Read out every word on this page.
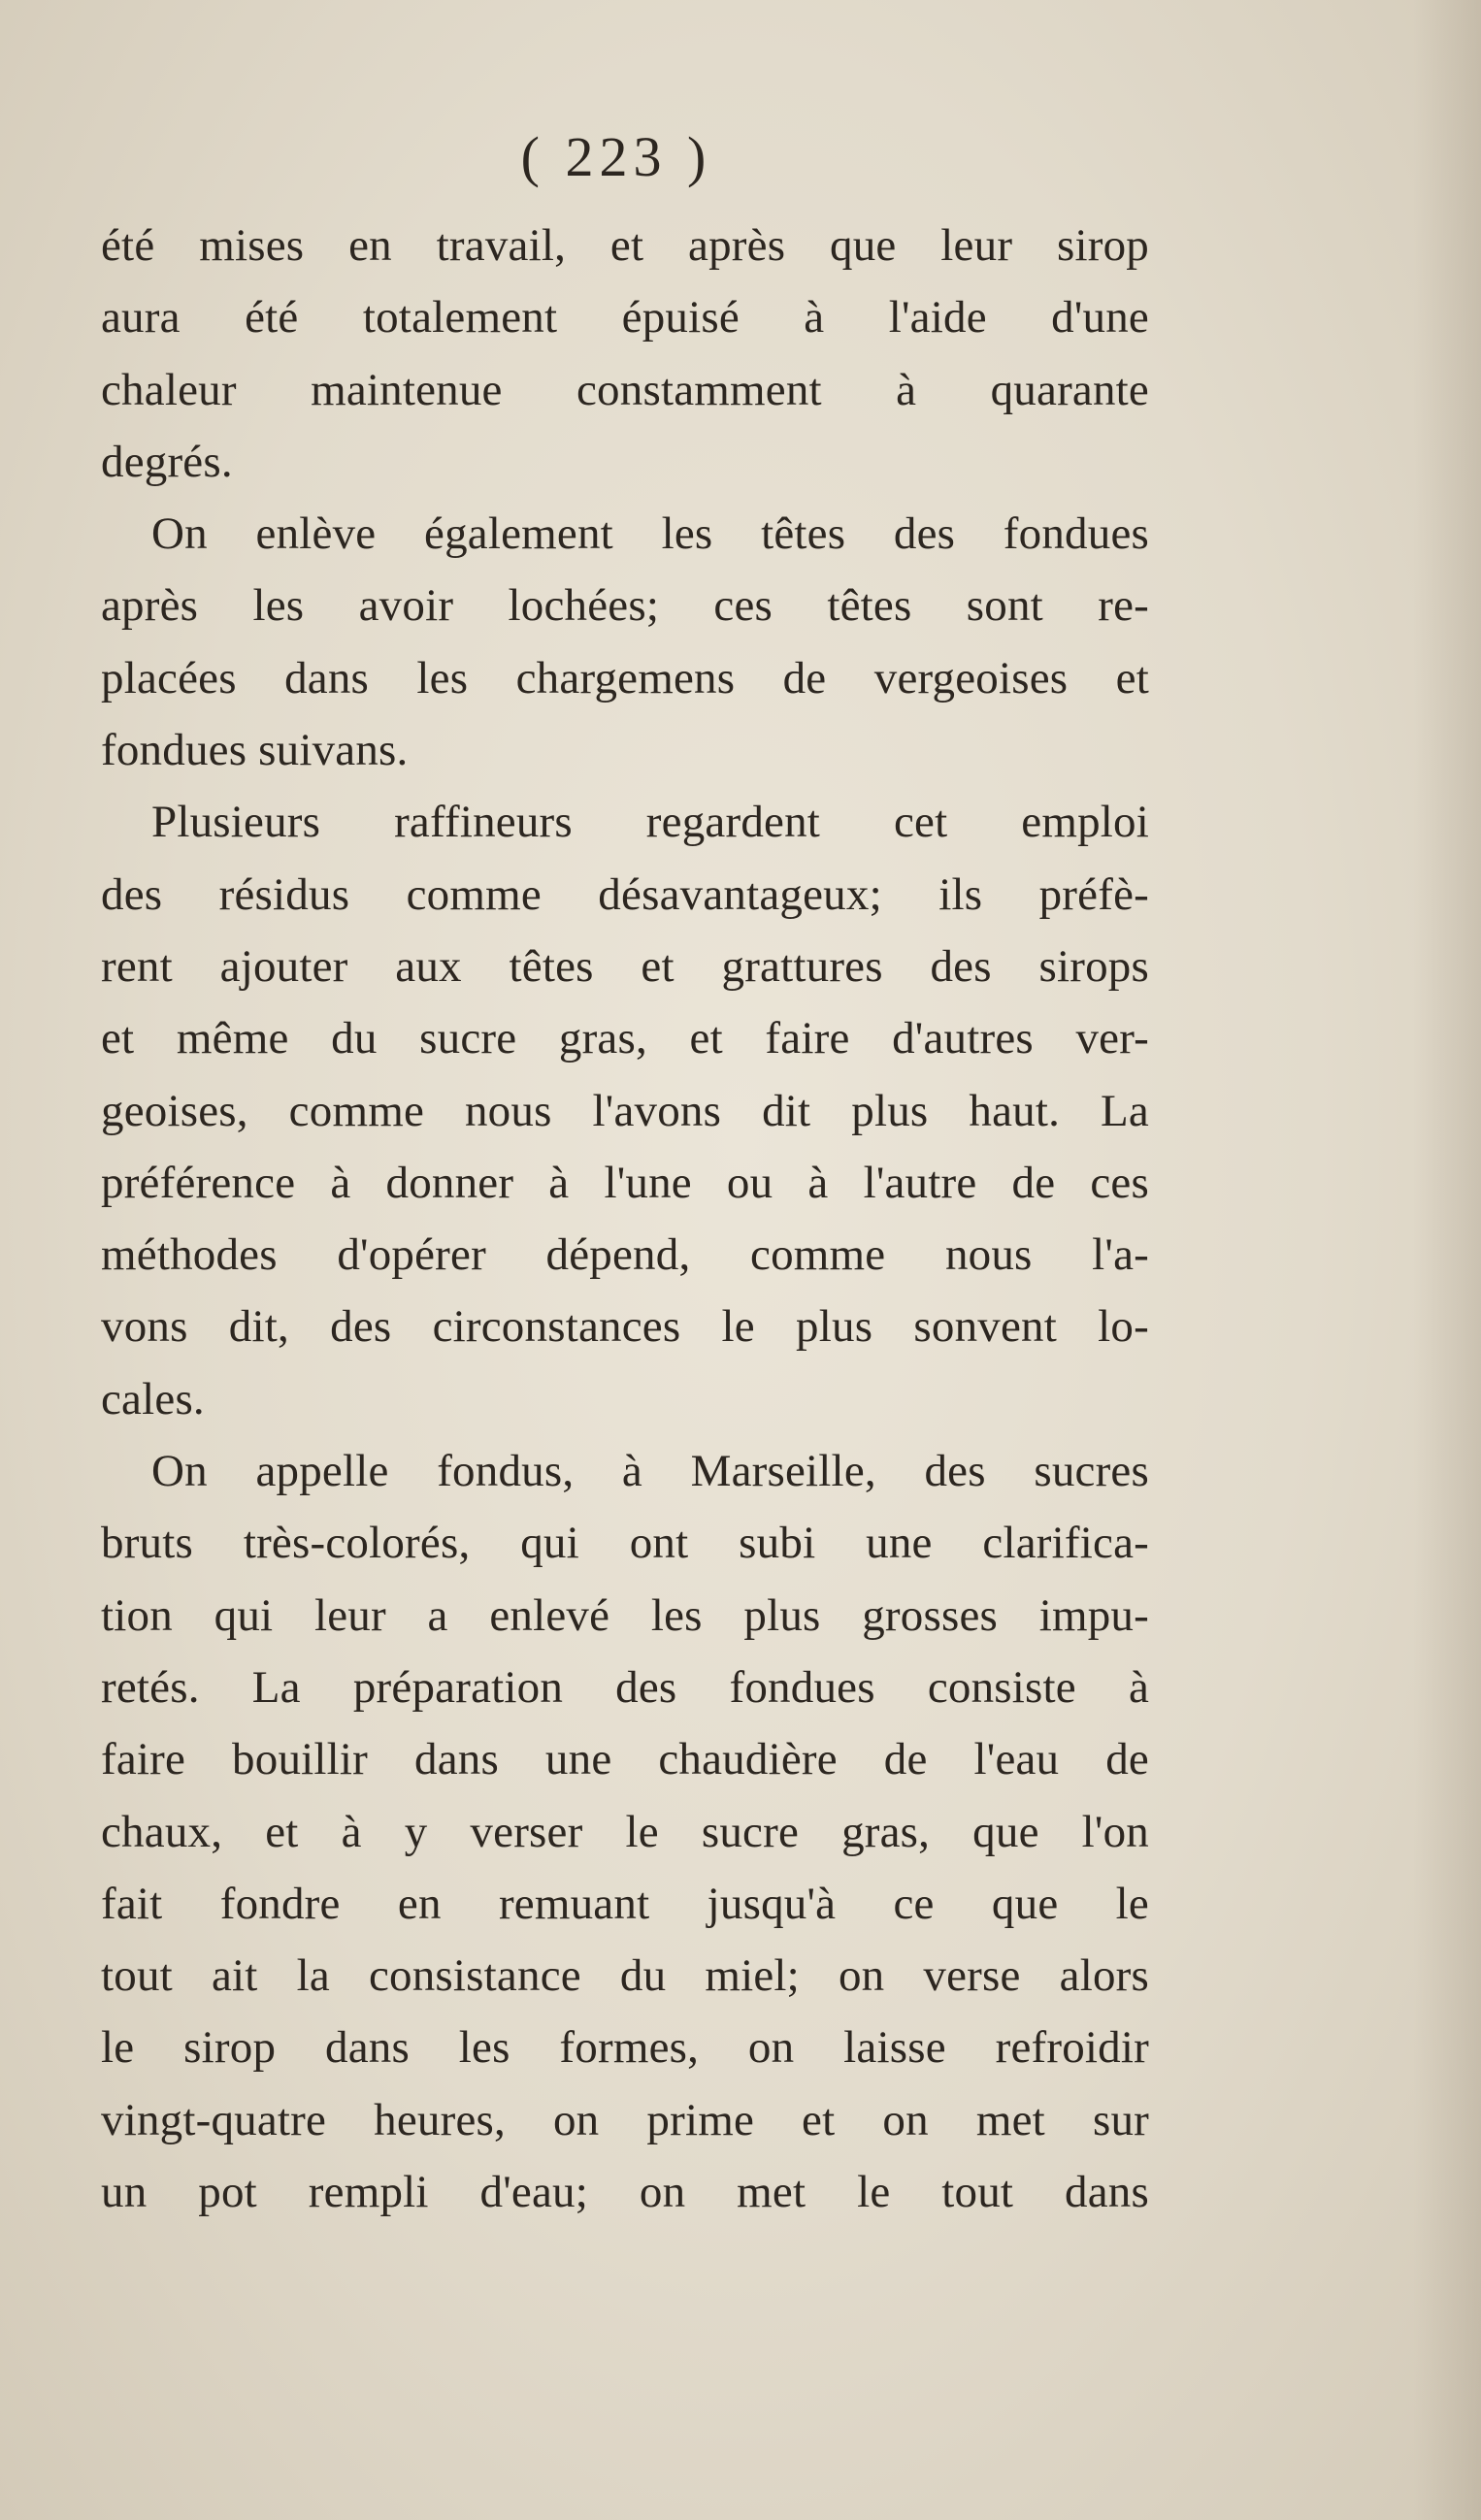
( 223 )
été mises en travail, et après que leur sirop
aura été totalement épuisé à l'aide d'une
chaleur maintenue constamment à quarante
degrés.
On enlève également les têtes des fondues
après les avoir lochées; ces têtes sont re-
placées dans les chargemens de vergeoises et
fondues suivans.
Plusieurs raffineurs regardent cet emploi
des résidus comme désavantageux; ils préfè-
rent ajouter aux têtes et grattures des sirops
et même du sucre gras, et faire d'autres ver-
geoises, comme nous l'avons dit plus haut. La
préférence à donner à l'une ou à l'autre de ces
méthodes d'opérer dépend, comme nous l'a-
vons dit, des circonstances le plus sonvent lo-
cales.
On appelle fondus, à Marseille, des sucres
bruts très-colorés, qui ont subi une clarifica-
tion qui leur a enlevé les plus grosses impu-
retés. La préparation des fondues consiste à
faire bouillir dans une chaudière de l'eau de
chaux, et à y verser le sucre gras, que l'on
fait fondre en remuant jusqu'à ce que le
tout ait la consistance du miel; on verse alors
le sirop dans les formes, on laisse refroidir
vingt-quatre heures, on prime et on met sur
un pot rempli d'eau; on met le tout dans
